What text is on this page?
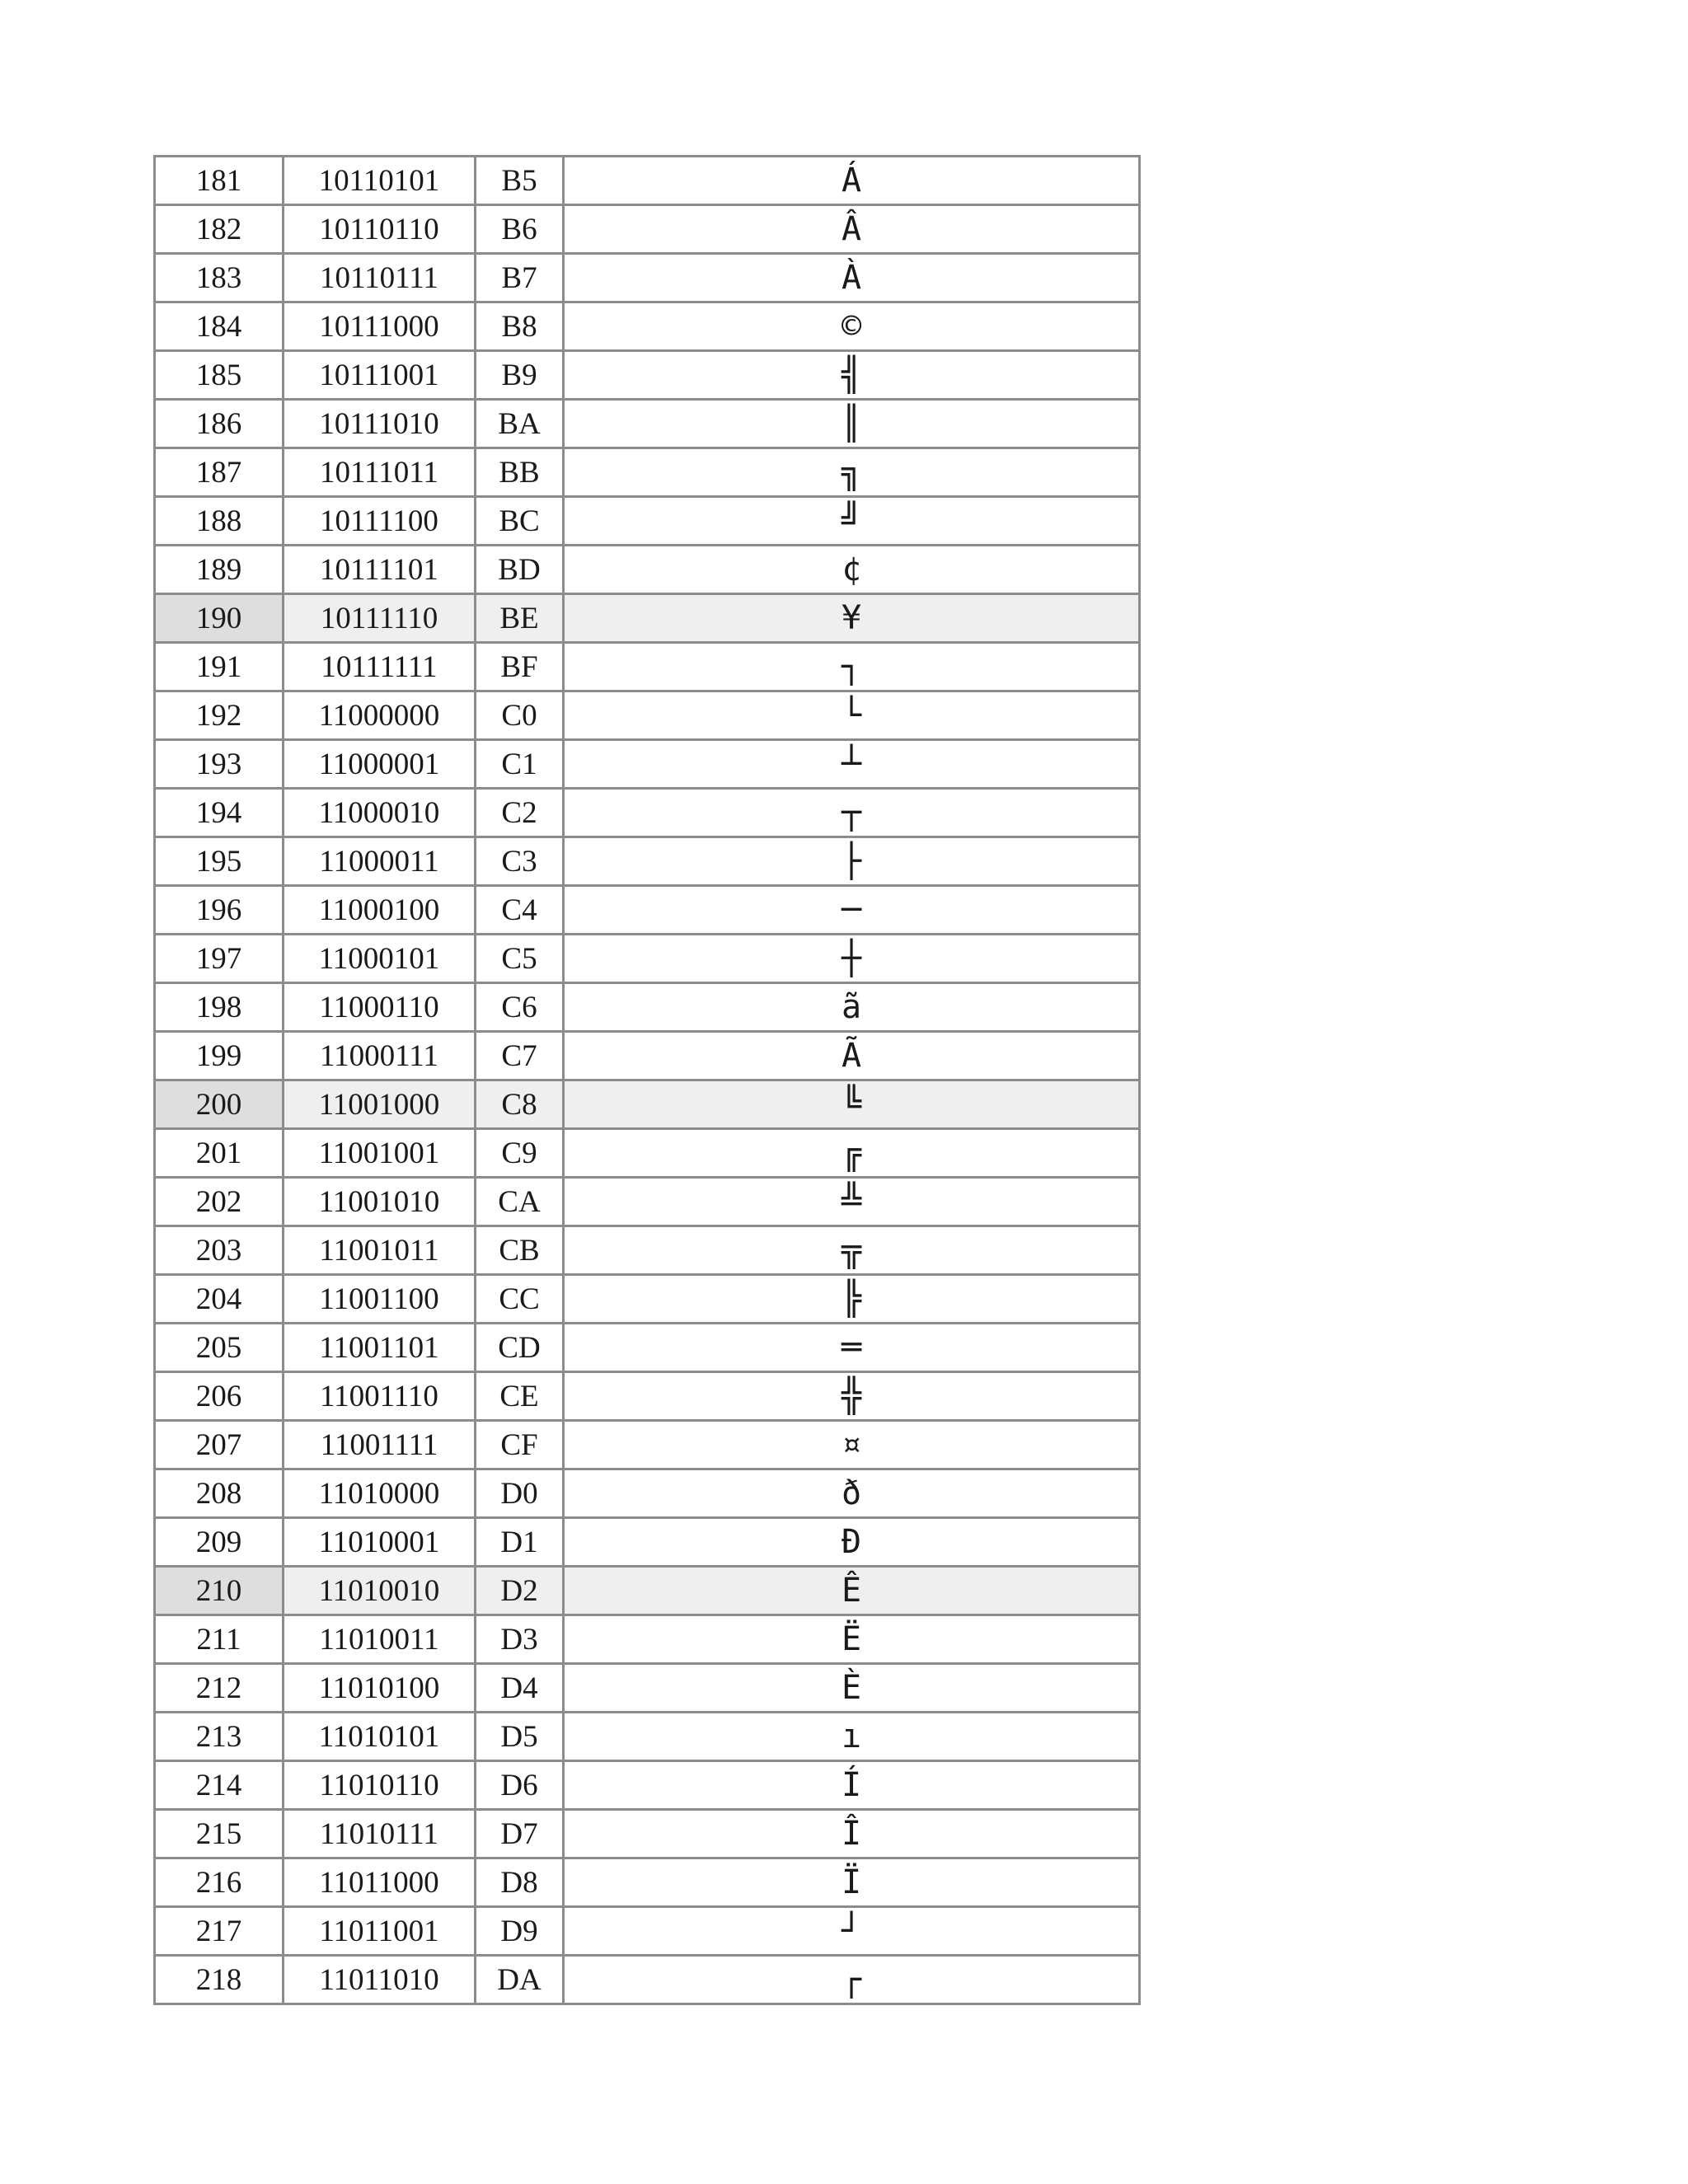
181	10110101	B5	Á
182	10110110	B6	Â
183	10110111	B7	À
184	10111000	B8	©
185	10111001	B9	╣
186	10111010	BA	║
187	10111011	BB	╗
188	10111100	BC	╝
189	10111101	BD	¢
190	10111110	BE	¥
191	10111111	BF	┐
192	11000000	C0	└
193	11000001	C1	┴
194	11000010	C2	┬
195	11000011	C3	├
196	11000100	C4	─
197	11000101	C5	┼
198	11000110	C6	ã
199	11000111	C7	Ã
200	11001000	C8	╚
201	11001001	C9	╔
202	11001010	CA	╩
203	11001011	CB	╦
204	11001100	CC	╠
205	11001101	CD	═
206	11001110	CE	╬
207	11001111	CF	¤
208	11010000	D0	ð
209	11010001	D1	Ð
210	11010010	D2	Ê
211	11010011	D3	Ë
212	11010100	D4	È
213	11010101	D5	ı
214	11010110	D6	Í
215	11010111	D7	Î
216	11011000	D8	Ï
217	11011001	D9	┘
218	11011010	DA	┌
